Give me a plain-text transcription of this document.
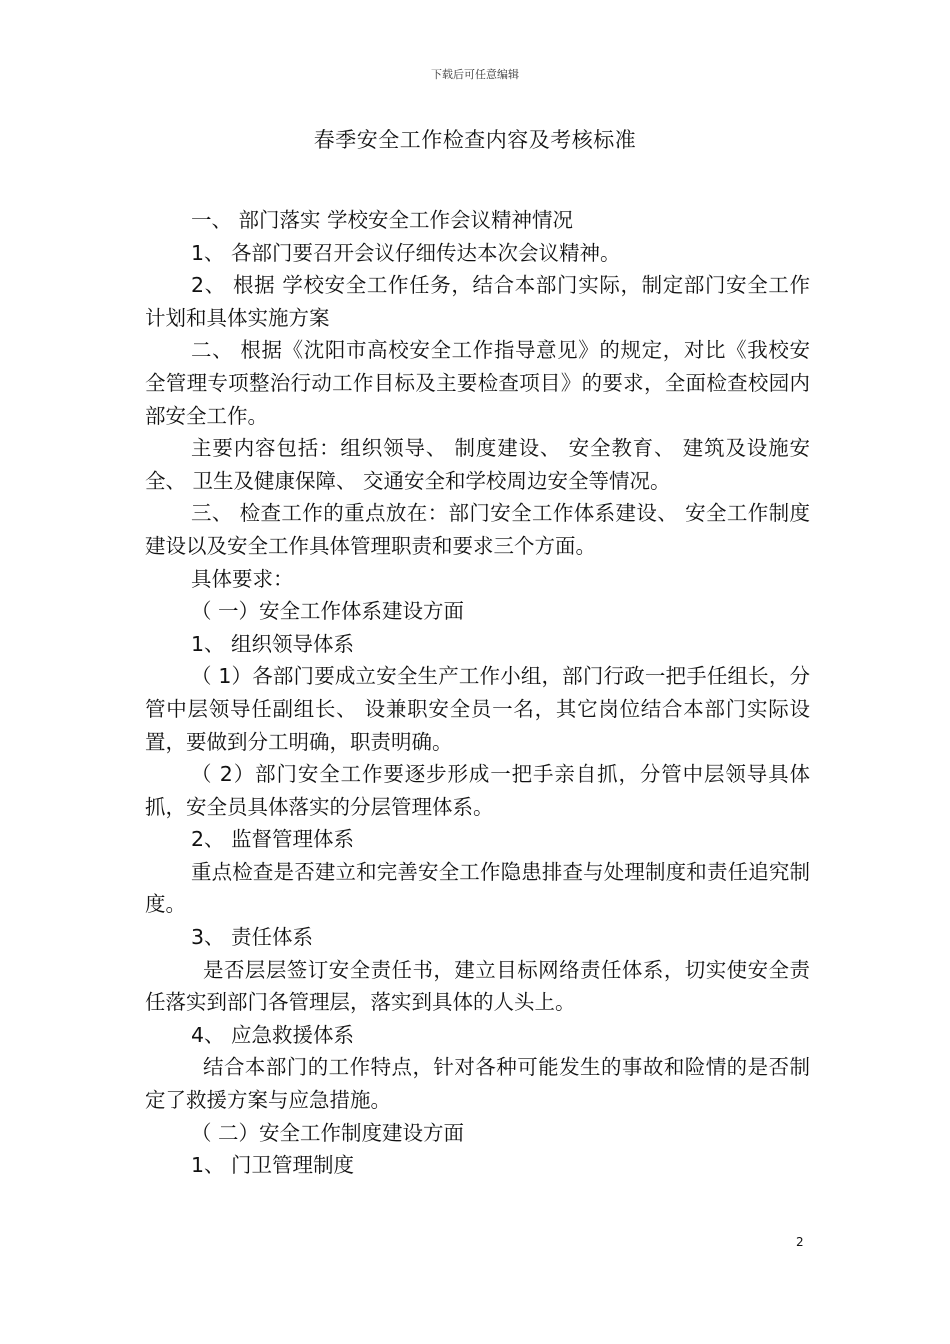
下载后可任意编辑
春季安全工作检查内容及考核标准

一、 部门落实 学校安全工作会议精神情况

1、 各部门要召开会议仔细传达本次会议精神。

2、 根据 学校安全工作任务，结合本部门实际，制定部门安全工作计划和具体实施方案

二、 根据《沈阳市高校安全工作指导意见》的规定，对比《我校安全管理专项整治行动工作目标及主要检查项目》的要求，全面检查校园内部安全工作。

主要内容包括：组织领导、 制度建设、 安全教育、 建筑及设施安全、 卫生及健康保障、 交通安全和学校周边安全等情况。

三、 检查工作的重点放在：部门安全工作体系建设、 安全工作制度建设以及安全工作具体管理职责和要求三个方面。

具体要求：

（ 一）安全工作体系建设方面

1、 组织领导体系

（ 1）各部门要成立安全生产工作小组，部门行政一把手任组长，分管中层领导任副组长、 设兼职安全员一名，其它岗位结合本部门实际设置，要做到分工明确，职责明确。

（ 2）部门安全工作要逐步形成一把手亲自抓，分管中层领导具体抓，安全员具体落实的分层管理体系。

2、 监督管理体系

重点检查是否建立和完善安全工作隐患排查与处理制度和责任追究制度。

3、 责任体系

是否层层签订安全责任书，建立目标网络责任体系，切实使安全责任落实到部门各管理层，落实到具体的人头上。

4、 应急救援体系

结合本部门的工作特点，针对各种可能发生的事故和险情的是否制定了救援方案与应急措施。

（ 二）安全工作制度建设方面

1、 门卫管理制度

2
